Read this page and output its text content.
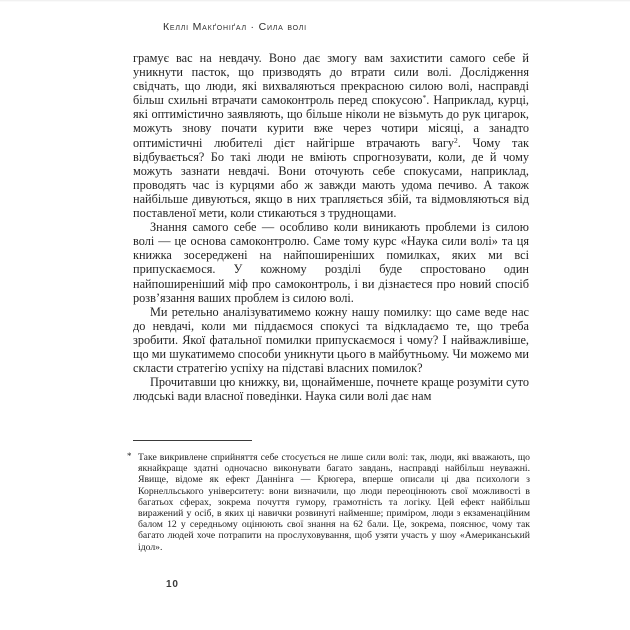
Келлі Макґоніґал · Сила волі

грамує вас на невдачу. Воно дає змогу вам захистити самого себе й уникнути пасток, що призводять до втрати сили волі. Дослідження свідчать, що люди, які вихваляються прекрасною силою волі, насправді більш схильні втрачати самоконтроль перед спокусою*. Наприклад, курці, які оптимістично заявляють, що більше ніколи не візьмуть до рук цигарок, можуть знову почати курити вже через чотири місяці, а занадто оптимістичні любителі дієт найгірше втрачають вагу$^2$. Чому так відбувається? Бо такі люди не вміють спрогнозувати, коли, де й чому можуть зазнати невдачі. Вони оточують себе спокусами, наприклад, проводять час із курцями або ж завжди мають удома печиво. А також найбільше дивуються, якщо в них трапляється збій, та відмовляються від поставленої мети, коли стикаються з труднощами.

Знання самого себе — особливо коли виникають проблеми із силою волі — це основа самоконтролю. Саме тому курс «Наука сили волі» та ця книжка зосереджені на найпоширеніших помилках, яких ми всі припускаємося. У кожному розділі буде спростовано один найпоширеніший міф про самоконтроль, і ви дізнаєтеся про новий спосіб розв’язання ваших проблем із силою волі.

Ми ретельно аналізуватимемо кожну нашу помилку: що саме веде нас до невдачі, коли ми піддаємося спокусі та відкладаємо те, що треба зробити. Якої фатальної помилки припускаємося і чому? І найважливіше, що ми шукатимемо способи уникнути цього в майбутньому. Чи можемо ми скласти стратегію успіху на підставі власних помилок?

Прочитавши цю книжку, ви, щонайменше, почнете краще розуміти суто людські вади власної поведінки. Наука сили волі дає нам

* Таке викривлене сприйняття себе стосується не лише сили волі: так, люди, які вважають, що якнайкраще здатні одночасно виконувати багато завдань, насправді найбільш неуважні. Явище, відоме як ефект Даннінга — Крюгера, вперше описали ці два психологи з Корнелльського університету: вони визначили, що люди переоцінюють свої можливості в багатьох сферах, зокрема почуття гумору, грамотність та логіку. Цей ефект найбільш виражений у осіб, в яких ці навички розвинуті найменше; приміром, люди з екзаменаційним балом 12 у середньому оцінюють свої знання на 62 бали. Це, зокрема, пояснює, чому так багато людей хоче потрапити на прослуховування, щоб узяти участь у шоу «Американський ідол».
10
